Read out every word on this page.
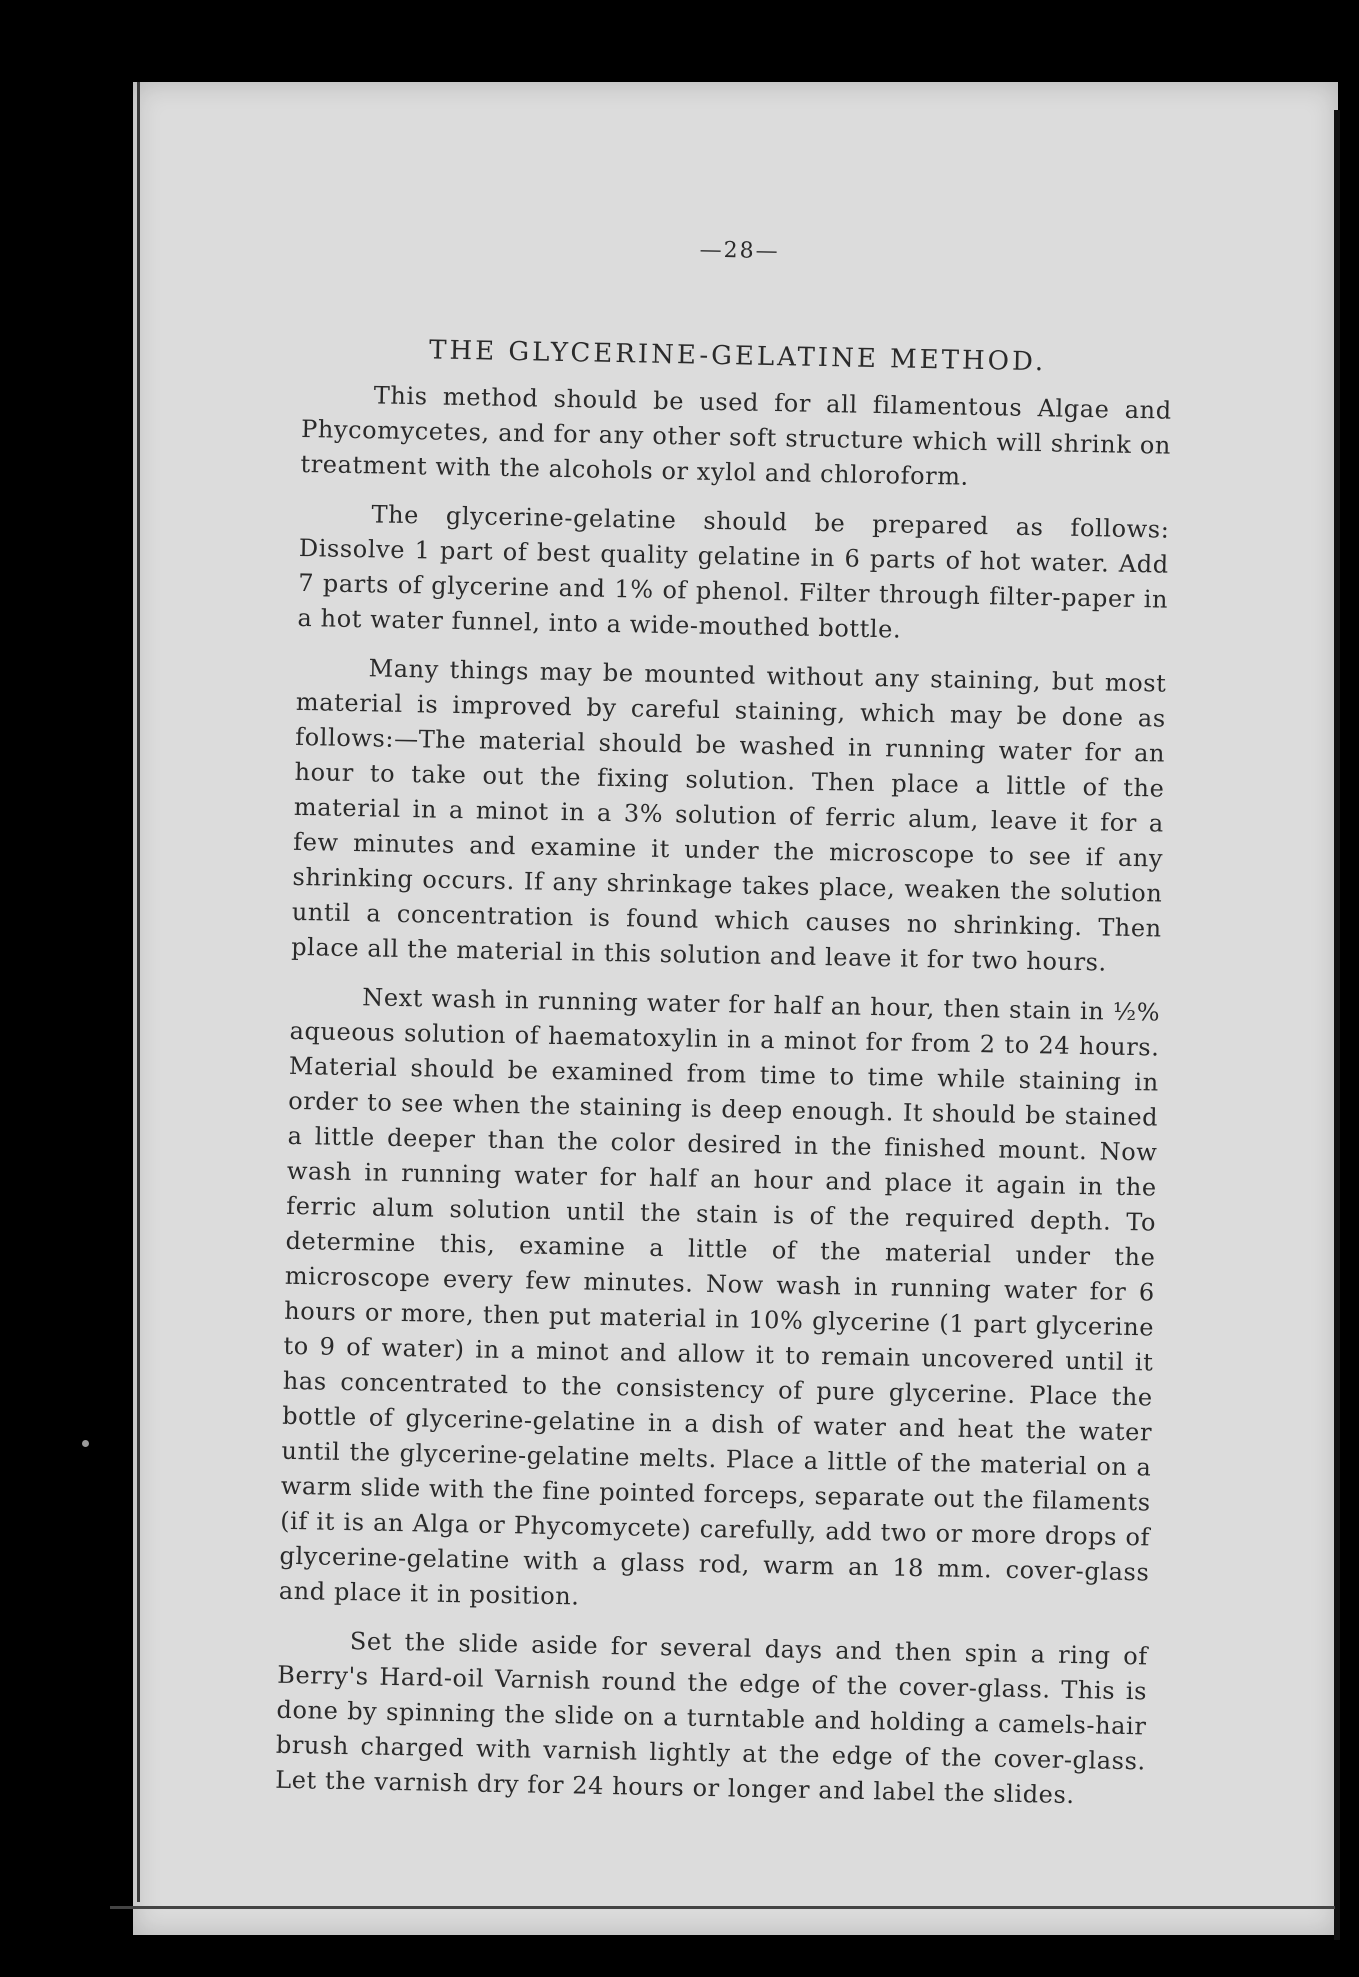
—28—
THE GLYCERINE-GELATINE METHOD.

This method should be used for all filamentous Algae and Phycomycetes, and for any other soft structure which will shrink on treatment with the alcohols or xylol and chloroform.

The glycerine-gelatine should be prepared as follows: Dissolve 1 part of best quality gelatine in 6 parts of hot water. Add 7 parts of glycerine and 1% of phenol. Filter through filter-paper in a hot water funnel, into a wide-mouthed bottle.

Many things may be mounted without any staining, but most material is improved by careful staining, which may be done as follows:—The material should be washed in running water for an hour to take out the fixing solution. Then place a little of the material in a minot in a 3% solution of ferric alum, leave it for a few minutes and examine it under the microscope to see if any shrinking occurs. If any shrinkage takes place, weaken the solution until a concentration is found which causes no shrinking. Then place all the material in this solution and leave it for two hours.

Next wash in running water for half an hour, then stain in ½% aqueous solution of haematoxylin in a minot for from 2 to 24 hours. Material should be examined from time to time while staining in order to see when the staining is deep enough. It should be stained a little deeper than the color desired in the finished mount. Now wash in running water for half an hour and place it again in the ferric alum solution until the stain is of the required depth. To determine this, examine a little of the material under the microscope every few minutes. Now wash in running water for 6 hours or more, then put material in 10% glycerine (1 part glycerine to 9 of water) in a minot and allow it to remain uncovered until it has concentrated to the consistency of pure glycerine. Place the bottle of glycerine-gelatine in a dish of water and heat the water until the glycerine-gelatine melts. Place a little of the material on a warm slide with the fine pointed forceps, separate out the filaments (if it is an Alga or Phycomycete) carefully, add two or more drops of glycerine-gelatine with a glass rod, warm an 18 mm. cover-glass and place it in position.

Set the slide aside for several days and then spin a ring of Berry's Hard-oil Varnish round the edge of the cover-glass. This is done by spinning the slide on a turntable and holding a camels-hair brush charged with varnish lightly at the edge of the cover-glass. Let the varnish dry for 24 hours or longer and label the slides.
